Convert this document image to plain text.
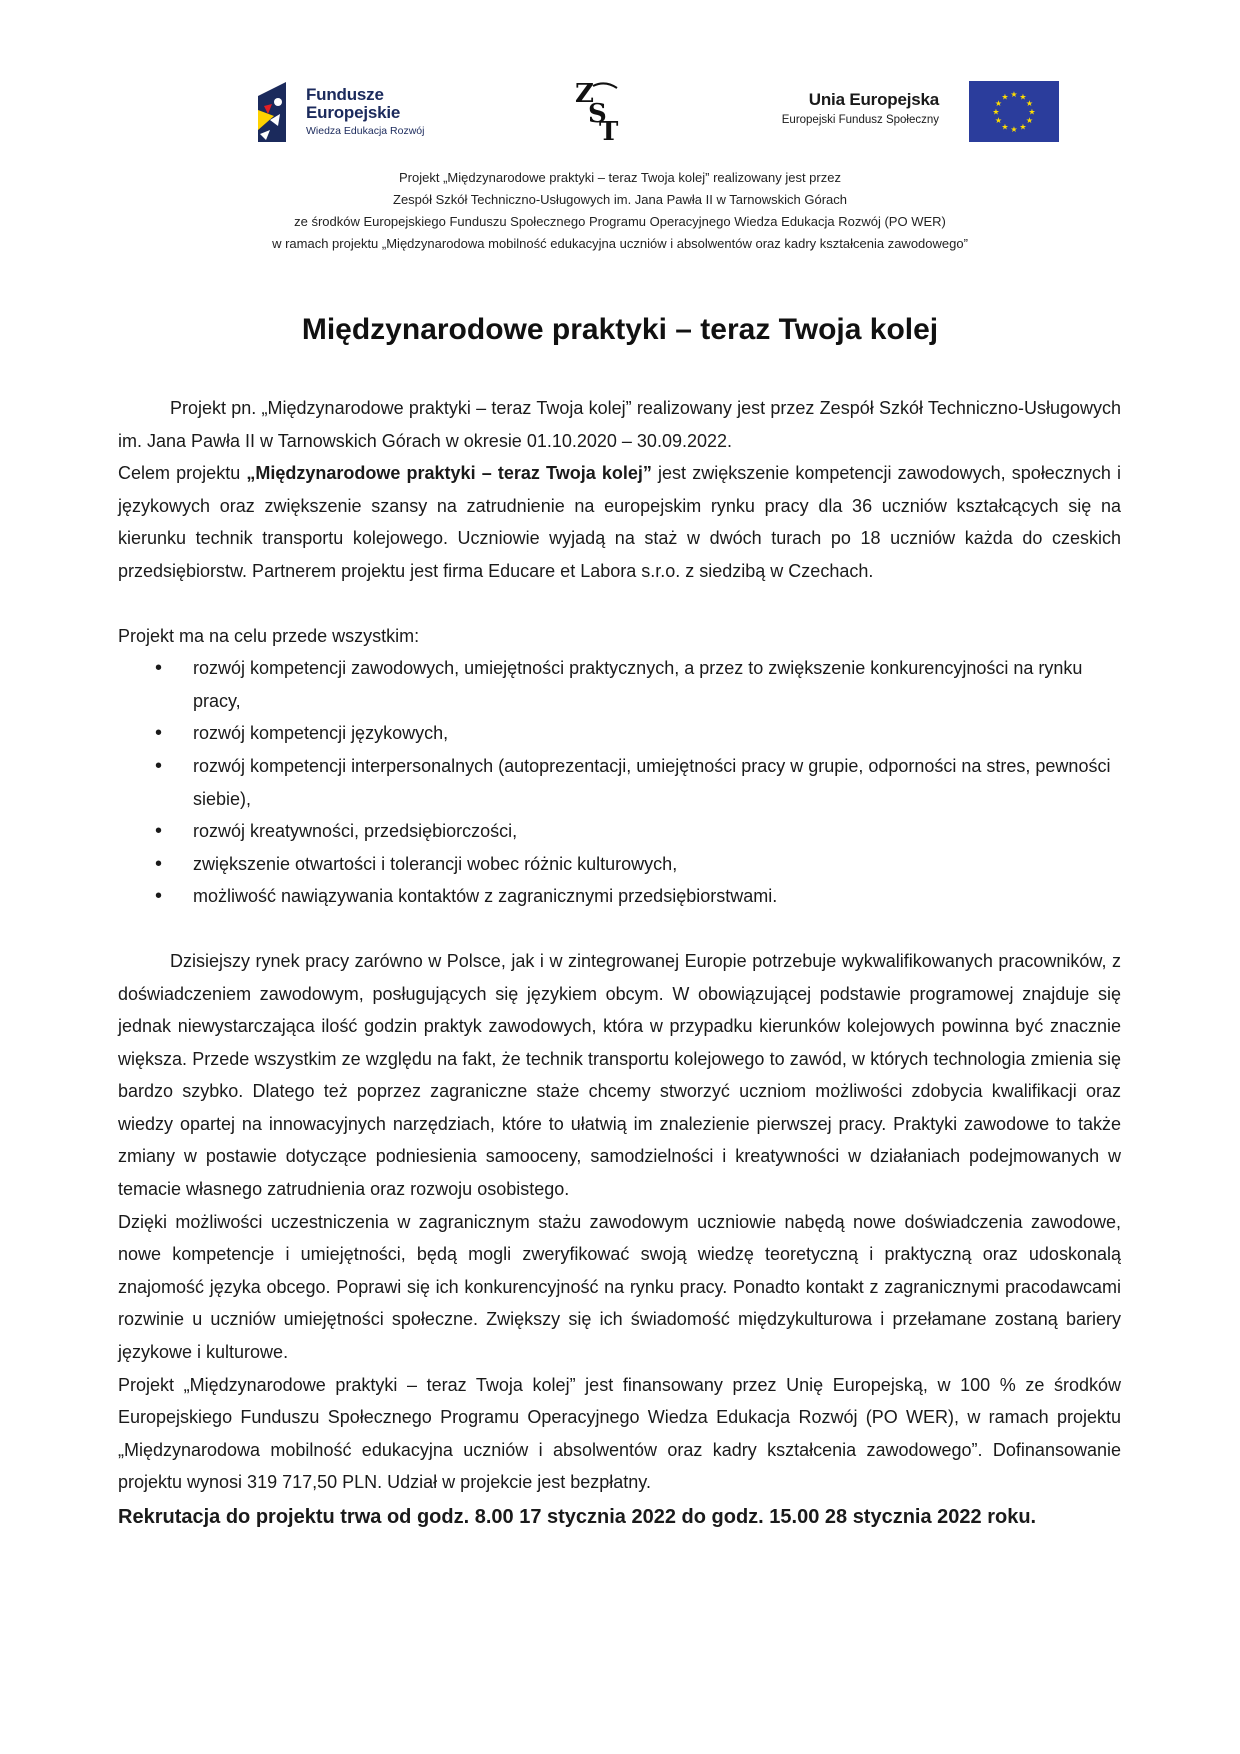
Fundusze
Europejskie
Wiedza Edukacja Rozwój
Z
S
T
Unia Europejska
Europejski Fundusz Społeczny
★ ★
★
★
★
★
★
★
★
★
★
★
Projekt „Międzynarodowe praktyki – teraz Twoja kolej” realizowany jest przez
Zespół Szkół Techniczno-Usługowych im. Jana Pawła II w Tarnowskich Górach
ze środków Europejskiego Funduszu Społecznego Programu Operacyjnego Wiedza Edukacja Rozwój (PO WER)
w ramach projektu „Międzynarodowa mobilność edukacyjna uczniów i absolwentów oraz kadry kształcenia zawodowego”
Międzynarodowe praktyki – teraz Twoja kolej

Projekt pn. „Międzynarodowe praktyki – teraz Twoja kolej” realizowany jest przez Zespół Szkół Techniczno-Usługowych im. Jana Pawła II w Tarnowskich Górach w okresie 01.10.2020 – 30.09.2022.

Celem projektu „Międzynarodowe praktyki – teraz Twoja kolej” jest zwiększenie kompetencji zawodowych, społecznych i językowych oraz zwiększenie szansy na zatrudnienie na europejskim rynku pracy dla 36 uczniów kształcących się na kierunku technik transportu kolejowego. Uczniowie wyjadą na staż w dwóch turach po 18 uczniów każda do czeskich przedsiębiorstw. Partnerem projektu jest firma Educare et Labora s.r.o. z siedzibą w Czechach.

Projekt ma na celu przede wszystkim:

• rozwój kompetencji zawodowych, umiejętności praktycznych, a przez to zwiększenie konkurencyjności na rynku pracy,
• rozwój kompetencji językowych,
• rozwój kompetencji interpersonalnych (autoprezentacji, umiejętności pracy w grupie, odporności na stres, pewności siebie),
• rozwój kreatywności, przedsiębiorczości,
• zwiększenie otwartości i tolerancji wobec różnic kulturowych,
• możliwość nawiązywania kontaktów z zagranicznymi przedsiębiorstwami.

Dzisiejszy rynek pracy zarówno w Polsce, jak i w zintegrowanej Europie potrzebuje wykwalifikowanych pracowników, z doświadczeniem zawodowym, posługujących się językiem obcym. W obowiązującej podstawie programowej znajduje się jednak niewystarczająca ilość godzin praktyk zawodowych, która w przypadku kierunków kolejowych powinna być znacznie większa. Przede wszystkim ze względu na fakt, że technik transportu kolejowego to zawód, w których technologia zmienia się bardzo szybko. Dlatego też poprzez zagraniczne staże chcemy stworzyć uczniom możliwości zdobycia kwalifikacji oraz wiedzy opartej na innowacyjnych narzędziach, które to ułatwią im znalezienie pierwszej pracy. Praktyki zawodowe to także zmiany w postawie dotyczące podniesienia samooceny, samodzielności i kreatywności w działaniach podejmowanych w temacie własnego zatrudnienia oraz rozwoju osobistego.

Dzięki możliwości uczestniczenia w zagranicznym stażu zawodowym uczniowie nabędą nowe doświadczenia zawodowe, nowe kompetencje i umiejętności, będą mogli zweryfikować swoją wiedzę teoretyczną i praktyczną oraz udoskonalą znajomość języka obcego. Poprawi się ich konkurencyjność na rynku pracy. Ponadto kontakt z zagranicznymi pracodawcami rozwinie u uczniów umiejętności społeczne. Zwiększy się ich świadomość międzykulturowa i przełamane zostaną bariery językowe i kulturowe.

Projekt „Międzynarodowe praktyki – teraz Twoja kolej” jest finansowany przez Unię Europejską, w 100 % ze środków Europejskiego Funduszu Społecznego Programu Operacyjnego Wiedza Edukacja Rozwój (PO WER), w ramach projektu „Międzynarodowa mobilność edukacyjna uczniów i absolwentów oraz kadry kształcenia zawodowego”. Dofinansowanie projektu wynosi 319 717,50 PLN. Udział w projekcie jest bezpłatny.

Rekrutacja do projektu trwa od godz. 8.00 17 stycznia 2022 do godz. 15.00 28 stycznia 2022 roku.
